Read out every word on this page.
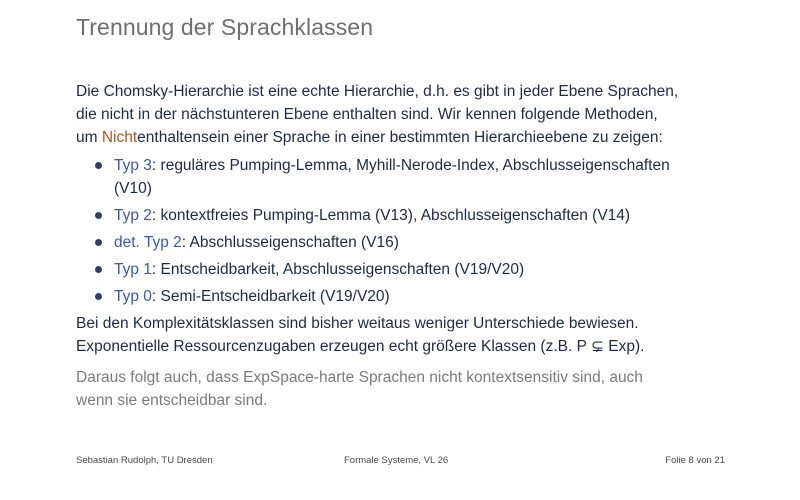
Trennung der Sprachklassen

Die Chomsky-Hierarchie ist eine echte Hierarchie, d.h. es gibt in jeder Ebene Sprachen,
die nicht in der nächstunteren Ebene enthalten sind. Wir kennen folgende Methoden,
um Nichtenthaltensein einer Sprache in einer bestimmten Hierarchieebene zu zeigen:

Typ 3: reguläres Pumping-Lemma, Myhill-Nerode-Index, Abschlusseigenschaften
(V10)
Typ 2: kontextfreies Pumping-Lemma (V13), Abschlusseigenschaften (V14)
det. Typ 2: Abschlusseigenschaften (V16)
Typ 1: Entscheidbarkeit, Abschlusseigenschaften (V19/V20)
Typ 0: Semi-Entscheidbarkeit (V19/V20)

Bei den Komplexitätsklassen sind bisher weitaus weniger Unterschiede bewiesen.
Exponentielle Ressourcenzugaben erzeugen echt größere Klassen (z.B. P ⊊ Exp).

Daraus folgt auch, dass ExpSpace-harte Sprachen nicht kontextsensitiv sind, auch
wenn sie entscheidbar sind.

Sebastian Rudolph, TU Dresden	Formale Systeme, VL 26	Folie 8 von 21
